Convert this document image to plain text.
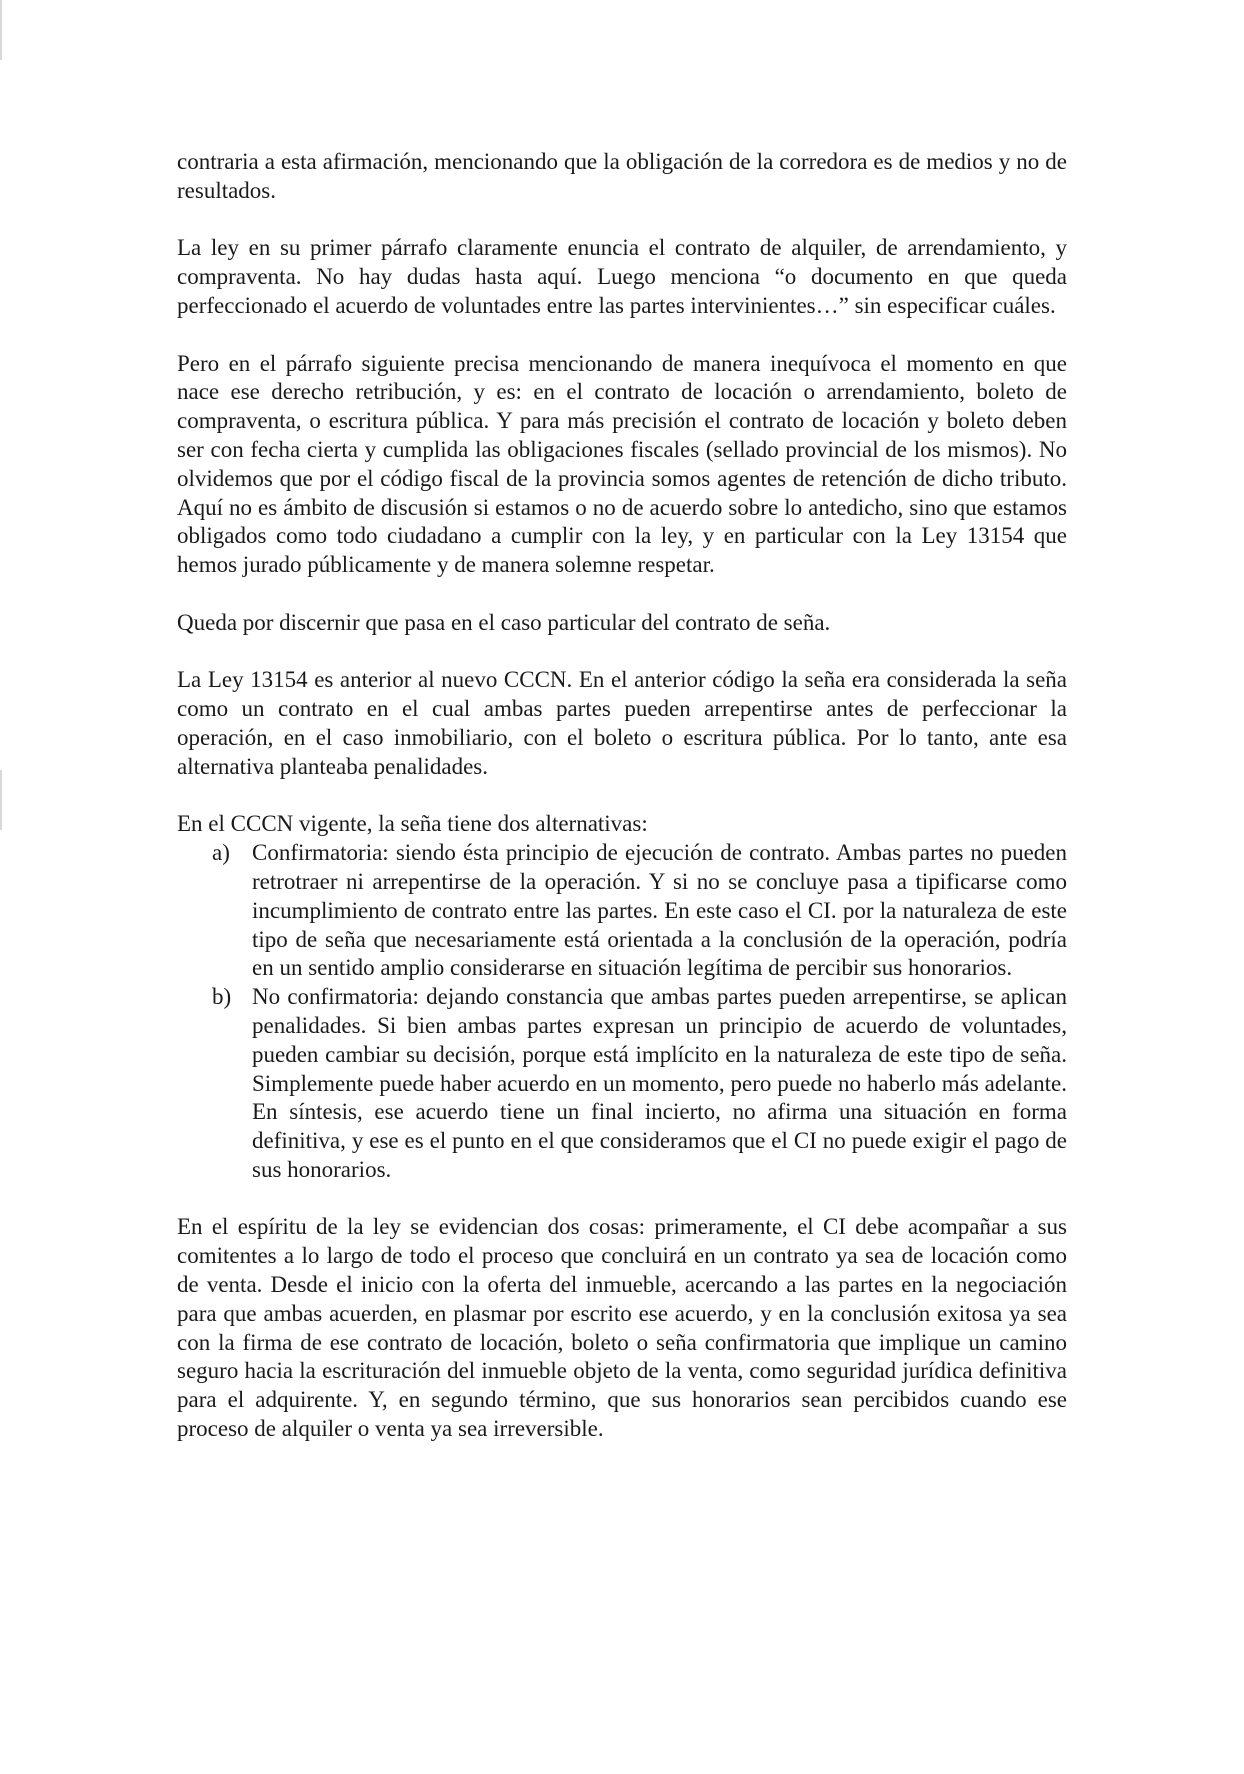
contraria a esta afirmación, mencionando que la obligación de la corredora es de medios y no de resultados.

La ley en su primer párrafo claramente enuncia el contrato de alquiler, de arrendamiento, y compraventa. No hay dudas hasta aquí. Luego menciona “o documento en que queda perfeccionado el acuerdo de voluntades entre las partes intervinientes…” sin especificar cuáles.

Pero en el párrafo siguiente precisa mencionando de manera inequívoca el momento en que nace ese derecho retribución, y es: en el contrato de locación o arrendamiento, boleto de compraventa, o escritura pública. Y para más precisión el contrato de locación y boleto deben ser con fecha cierta y cumplida las obligaciones fiscales (sellado provincial de los mismos). No olvidemos que por el código fiscal de la provincia somos agentes de retención de dicho tributo. Aquí no es ámbito de discusión si estamos o no de acuerdo sobre lo antedicho, sino que estamos obligados como todo ciudadano a cumplir con la ley, y en particular con la Ley 13154 que hemos jurado públicamente y de manera solemne respetar.

Queda por discernir que pasa en el caso particular del contrato de seña.

La Ley 13154 es anterior al nuevo CCCN. En el anterior código la seña era considerada la seña como un contrato en el cual ambas partes pueden arrepentirse antes de perfeccionar la operación, en el caso inmobiliario, con el boleto o escritura pública. Por lo tanto, ante esa alternativa planteaba penalidades.

En el CCCN vigente, la seña tiene dos alternativas:

a) Confirmatoria: siendo ésta principio de ejecución de contrato. Ambas partes no pueden retrotraer ni arrepentirse de la operación. Y si no se concluye pasa a tipificarse como incumplimiento de contrato entre las partes. En este caso el CI. por la naturaleza de este tipo de seña que necesariamente está orientada a la conclusión de la operación, podría en un sentido amplio considerarse en situación legítima de percibir sus honorarios.
b) No confirmatoria: dejando constancia que ambas partes pueden arrepentirse, se aplican penalidades. Si bien ambas partes expresan un principio de acuerdo de voluntades, pueden cambiar su decisión, porque está implícito en la naturaleza de este tipo de seña. Simplemente puede haber acuerdo en un momento, pero puede no haberlo más adelante. En síntesis, ese acuerdo tiene un final incierto, no afirma una situación en forma definitiva, y ese es el punto en el que consideramos que el CI no puede exigir el pago de sus honorarios.

En el espíritu de la ley se evidencian dos cosas: primeramente, el CI debe acompañar a sus comitentes a lo largo de todo el proceso que concluirá en un contrato ya sea de locación como de venta. Desde el inicio con la oferta del inmueble, acercando a las partes en la negociación para que ambas acuerden, en plasmar por escrito ese acuerdo, y en la conclusión exitosa ya sea con la firma de ese contrato de locación, boleto o seña confirmatoria que implique un camino seguro hacia la escrituración del inmueble objeto de la venta, como seguridad jurídica definitiva para el adquirente. Y, en segundo término, que sus honorarios sean percibidos cuando ese proceso de alquiler o venta ya sea irreversible.
